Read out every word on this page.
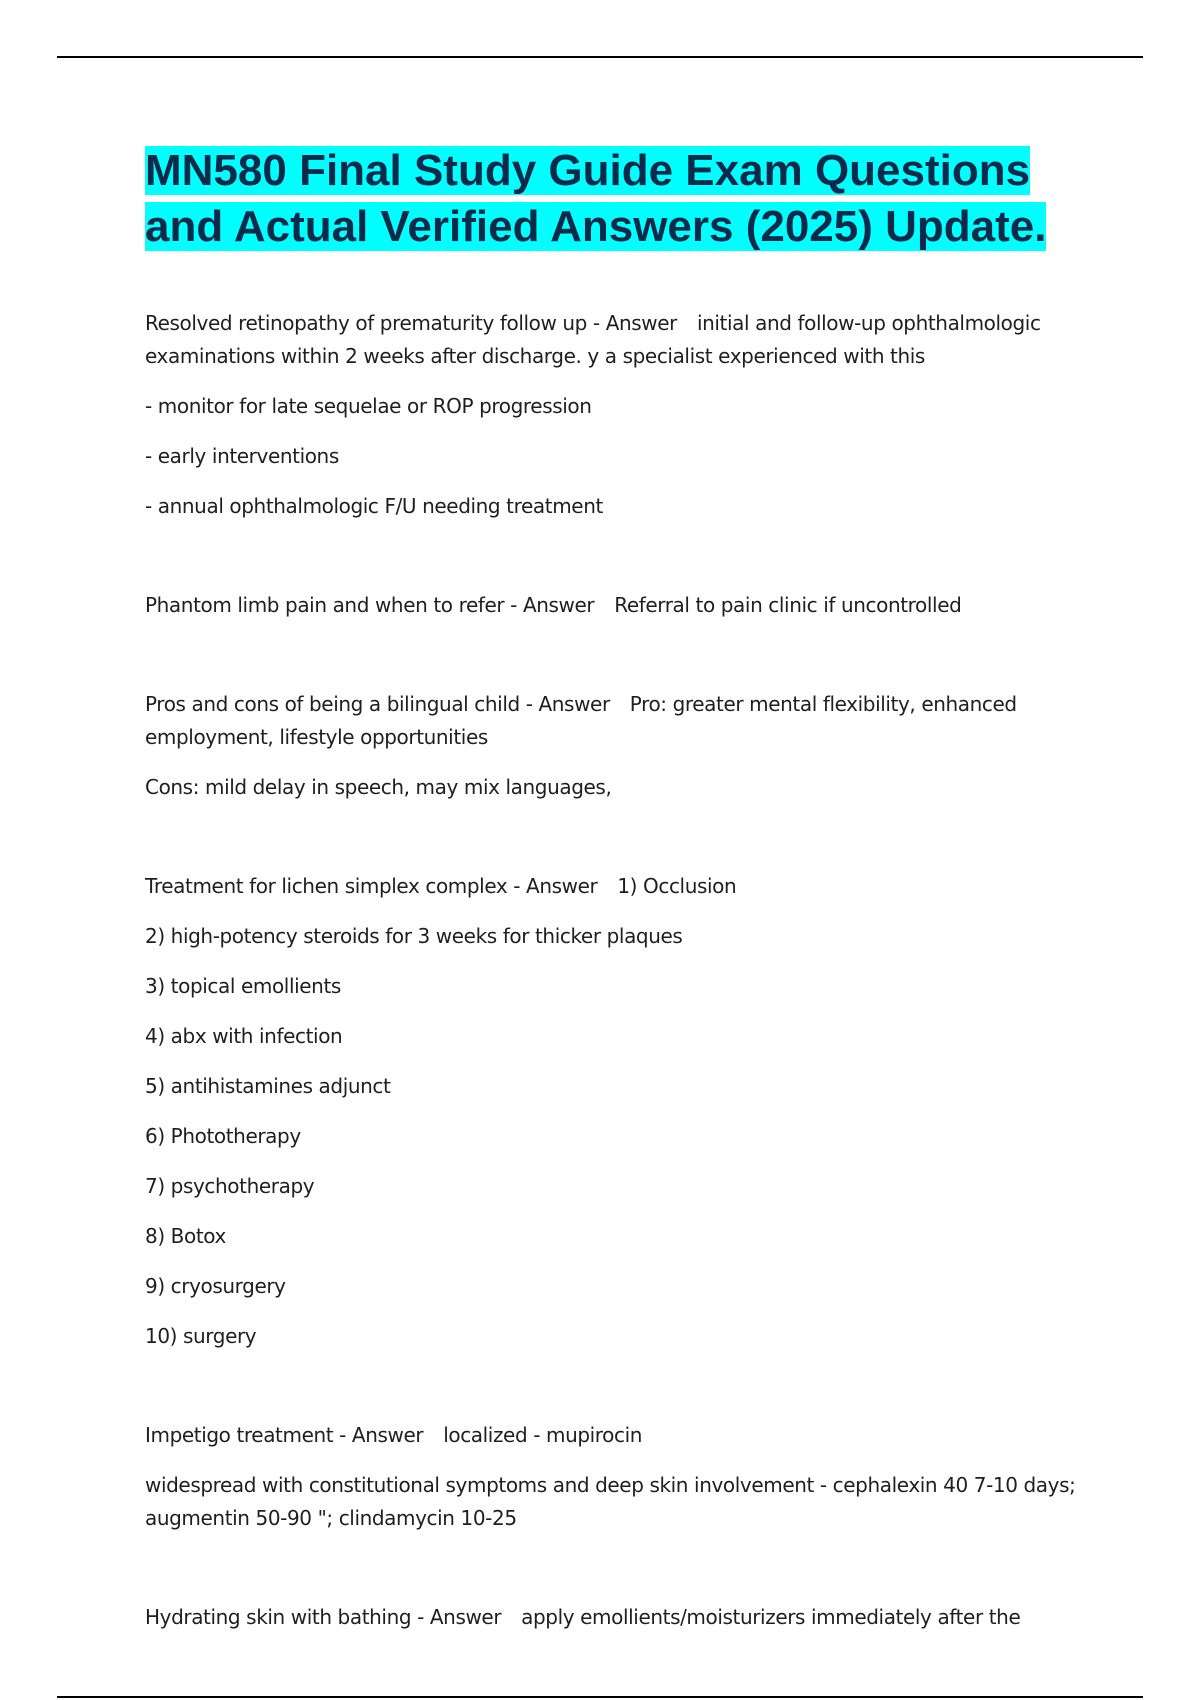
MN580 Final Study Guide Exam Questions and Actual Verified Answers (2025) Update.

Resolved retinopathy of prematurity follow up - Answer initial and follow-up ophthalmologic examinations within 2 weeks after discharge. y a specialist experienced with this

- monitor for late sequelae or ROP progression

- early interventions

- annual ophthalmologic F/U needing treatment

Phantom limb pain and when to refer - Answer Referral to pain clinic if uncontrolled

Pros and cons of being a bilingual child - Answer Pro: greater mental flexibility, enhanced employment, lifestyle opportunities

Cons: mild delay in speech, may mix languages,

Treatment for lichen simplex complex - Answer 1) Occlusion

2) high-potency steroids for 3 weeks for thicker plaques

3) topical emollients

4) abx with infection

5) antihistamines adjunct

6) Phototherapy

7) psychotherapy

8) Botox

9) cryosurgery

10) surgery

Impetigo treatment - Answer localized - mupirocin

widespread with constitutional symptoms and deep skin involvement - cephalexin 40 7-10 days; augmentin 50-90 "; clindamycin 10-25

Hydrating skin with bathing - Answer apply emollients/moisturizers immediately after the
